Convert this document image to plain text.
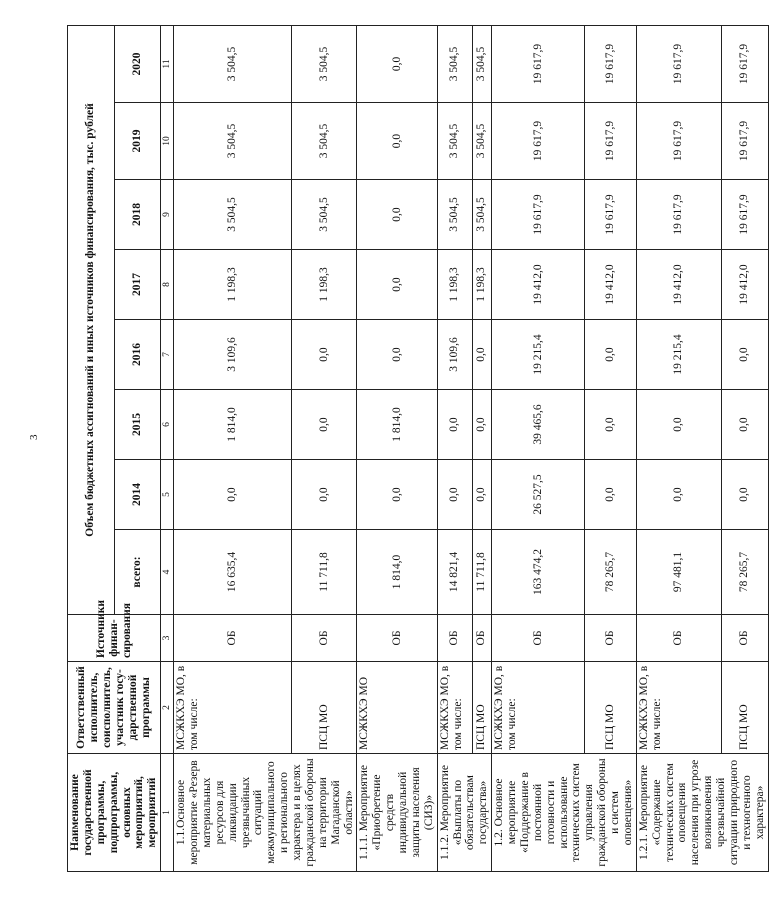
3
Наименование государственной программы, подпрограммы, основных мероприятий, мероприятий	Ответственный исполнитель, соисполнитель, участник госу-дарственной программы	Источники финан-сирования	Объем бюджетных ассигнований и иных источников финансирования, тыс. рублей							
			всего:	2014	2015	2016	2017	2018	2019	2020
1	2	3	4	5	6	7	8	9	10	11
1.1.Основное мероприятие «Резерв материальных ресурсов для ликвидации чрезвычайных ситуаций межмуниципального и регионального характера и в целях гражданской обороны на территории Магаданской области»	МСЖКХЭ МО, в том числе:	ОБ	16 635,4	0,0	1 814,0	3 109,6	1 198,3	3 504,5	3 504,5	3 504,5
	ПСЦ МО	ОБ	11 711,8	0,0	0,0	0,0	1 198,3	3 504,5	3 504,5	3 504,5
1.1.1. Мероприятие «Приобретение средств индивидуальной защиты населения (СИЗ)»	МСЖКХЭ МО	ОБ	1 814,0	0,0	1 814,0	0,0	0,0	0,0	0,0	0,0
1.1.2. Мероприятие «Выплаты по обязательствам государства»	МСЖКХЭ МО, в том числе:	ОБ	14 821,4	0,0	0,0	3 109,6	1 198,3	3 504,5	3 504,5	3 504,5
	ПСЦ МО	ОБ	11 711,8	0,0	0,0	0,0	1 198,3	3 504,5	3 504,5	3 504,5
1.2. Основное мероприятие «Поддержание в постоянной готовности и использование технических систем управления гражданской обороны и систем оповещения»	МСЖКХЭ МО, в том числе:	ОБ	163 474,2	26 527,5	39 465,6	19 215,4	19 412,0	19 617,9	19 617,9	19 617,9
	ПСЦ МО	ОБ	78 265,7	0,0	0,0	0,0	19 412,0	19 617,9	19 617,9	19 617,9
1.2.1. Мероприятие «Содержание технических систем оповещения населения при угрозе возникновения чрезвычайной ситуации природного и техногенного характера»	МСЖКХЭ МО, в том числе:	ОБ	97 481,1	0,0	0,0	19 215,4	19 412,0	19 617,9	19 617,9	19 617,9
	ПСЦ МО	ОБ	78 265,7	0,0	0,0	0,0	19 412,0	19 617,9	19 617,9	19 617,9
